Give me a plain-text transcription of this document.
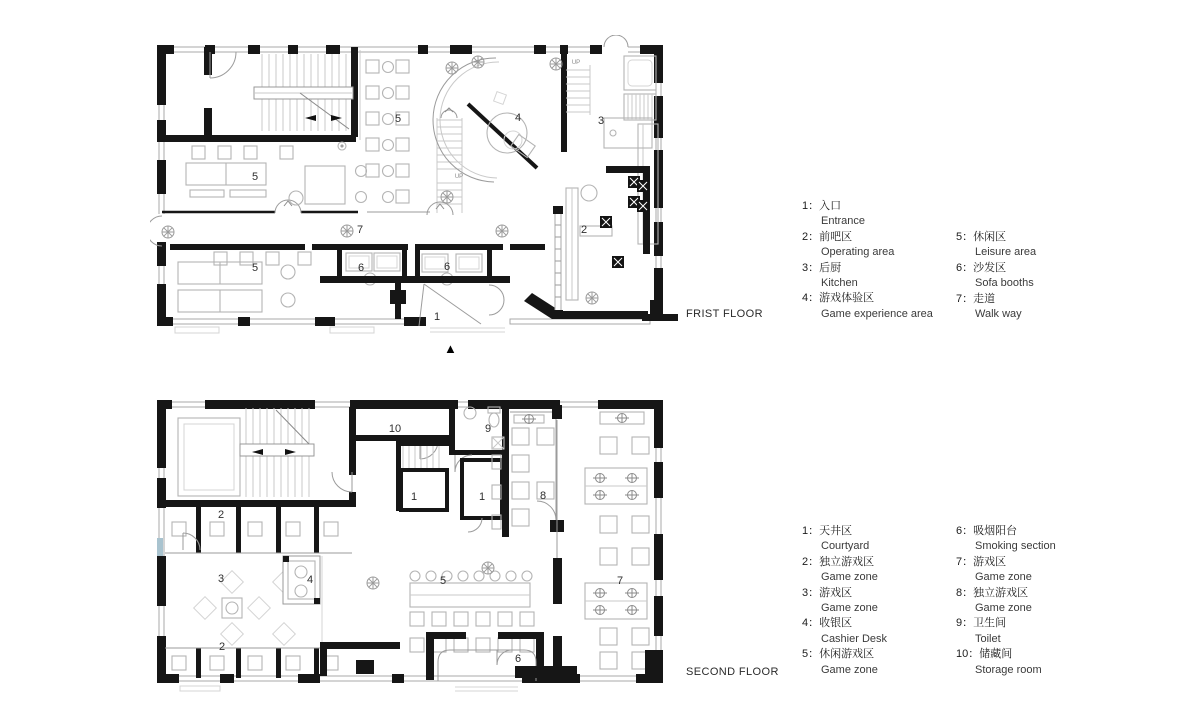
5	4	3
5
7	2
5	6	6
1
UP
UP
▲
FRIST FLOOR
10	9
1	1	8
2
3	4	5	7
2
6
SECOND FLOOR
1：入口
Entrance
2：前吧区
Operating area
3：后厨
Kitchen
4：游戏体验区
Game experience area
5：休闲区
Leisure area
6：沙发区
Sofa booths
7：走道
Walk way
1：天井区
Courtyard
2：独立游戏区
Game zone
3：游戏区
Game zone
4：收银区
Cashier Desk
5：休闲游戏区
Game zone
6：吸烟阳台
Smoking section
7：游戏区
Game zone
8：独立游戏区
Game zone
9：卫生间
Toilet
10：储藏间
Storage room
